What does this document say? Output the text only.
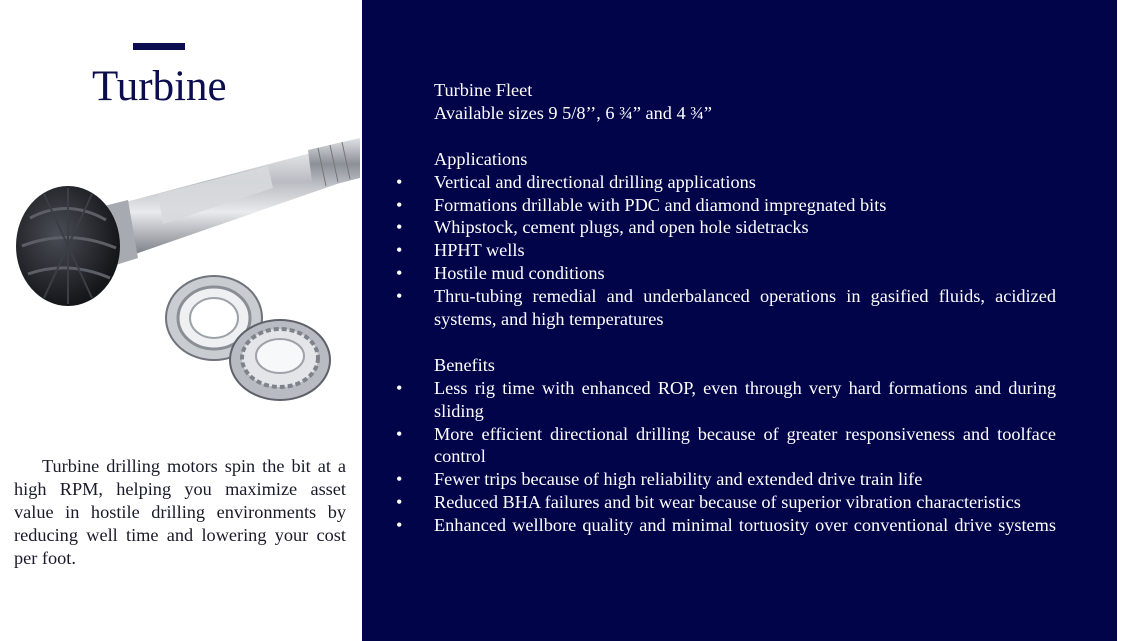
Turbine

Turbine drilling motors spin the bit at a high RPM, helping you maximize asset value in hostile drilling environments by reducing well time and lowering your cost per foot.

Turbine Fleet

Available sizes 9 5/8’’, 6 ¾” and 4 ¾”

Applications

•	Vertical and directional drilling applications
•	Formations drillable with PDC and diamond impregnated bits
•	Whipstock, cement plugs, and open hole sidetracks
•	HPHT wells
•	Hostile mud conditions
•	Thru-tubing remedial and underbalanced operations in gasified fluids, acidized systems, and high temperatures

Benefits

•	Less rig time with enhanced ROP, even through very hard formations and during sliding
•	More efficient directional drilling because of greater responsiveness and toolface control
•	Fewer trips because of high reliability and extended drive train life
•	Reduced BHA failures and bit wear because of superior vibration characteristics
•	Enhanced wellbore quality and minimal tortuosity over conventional drive systems
